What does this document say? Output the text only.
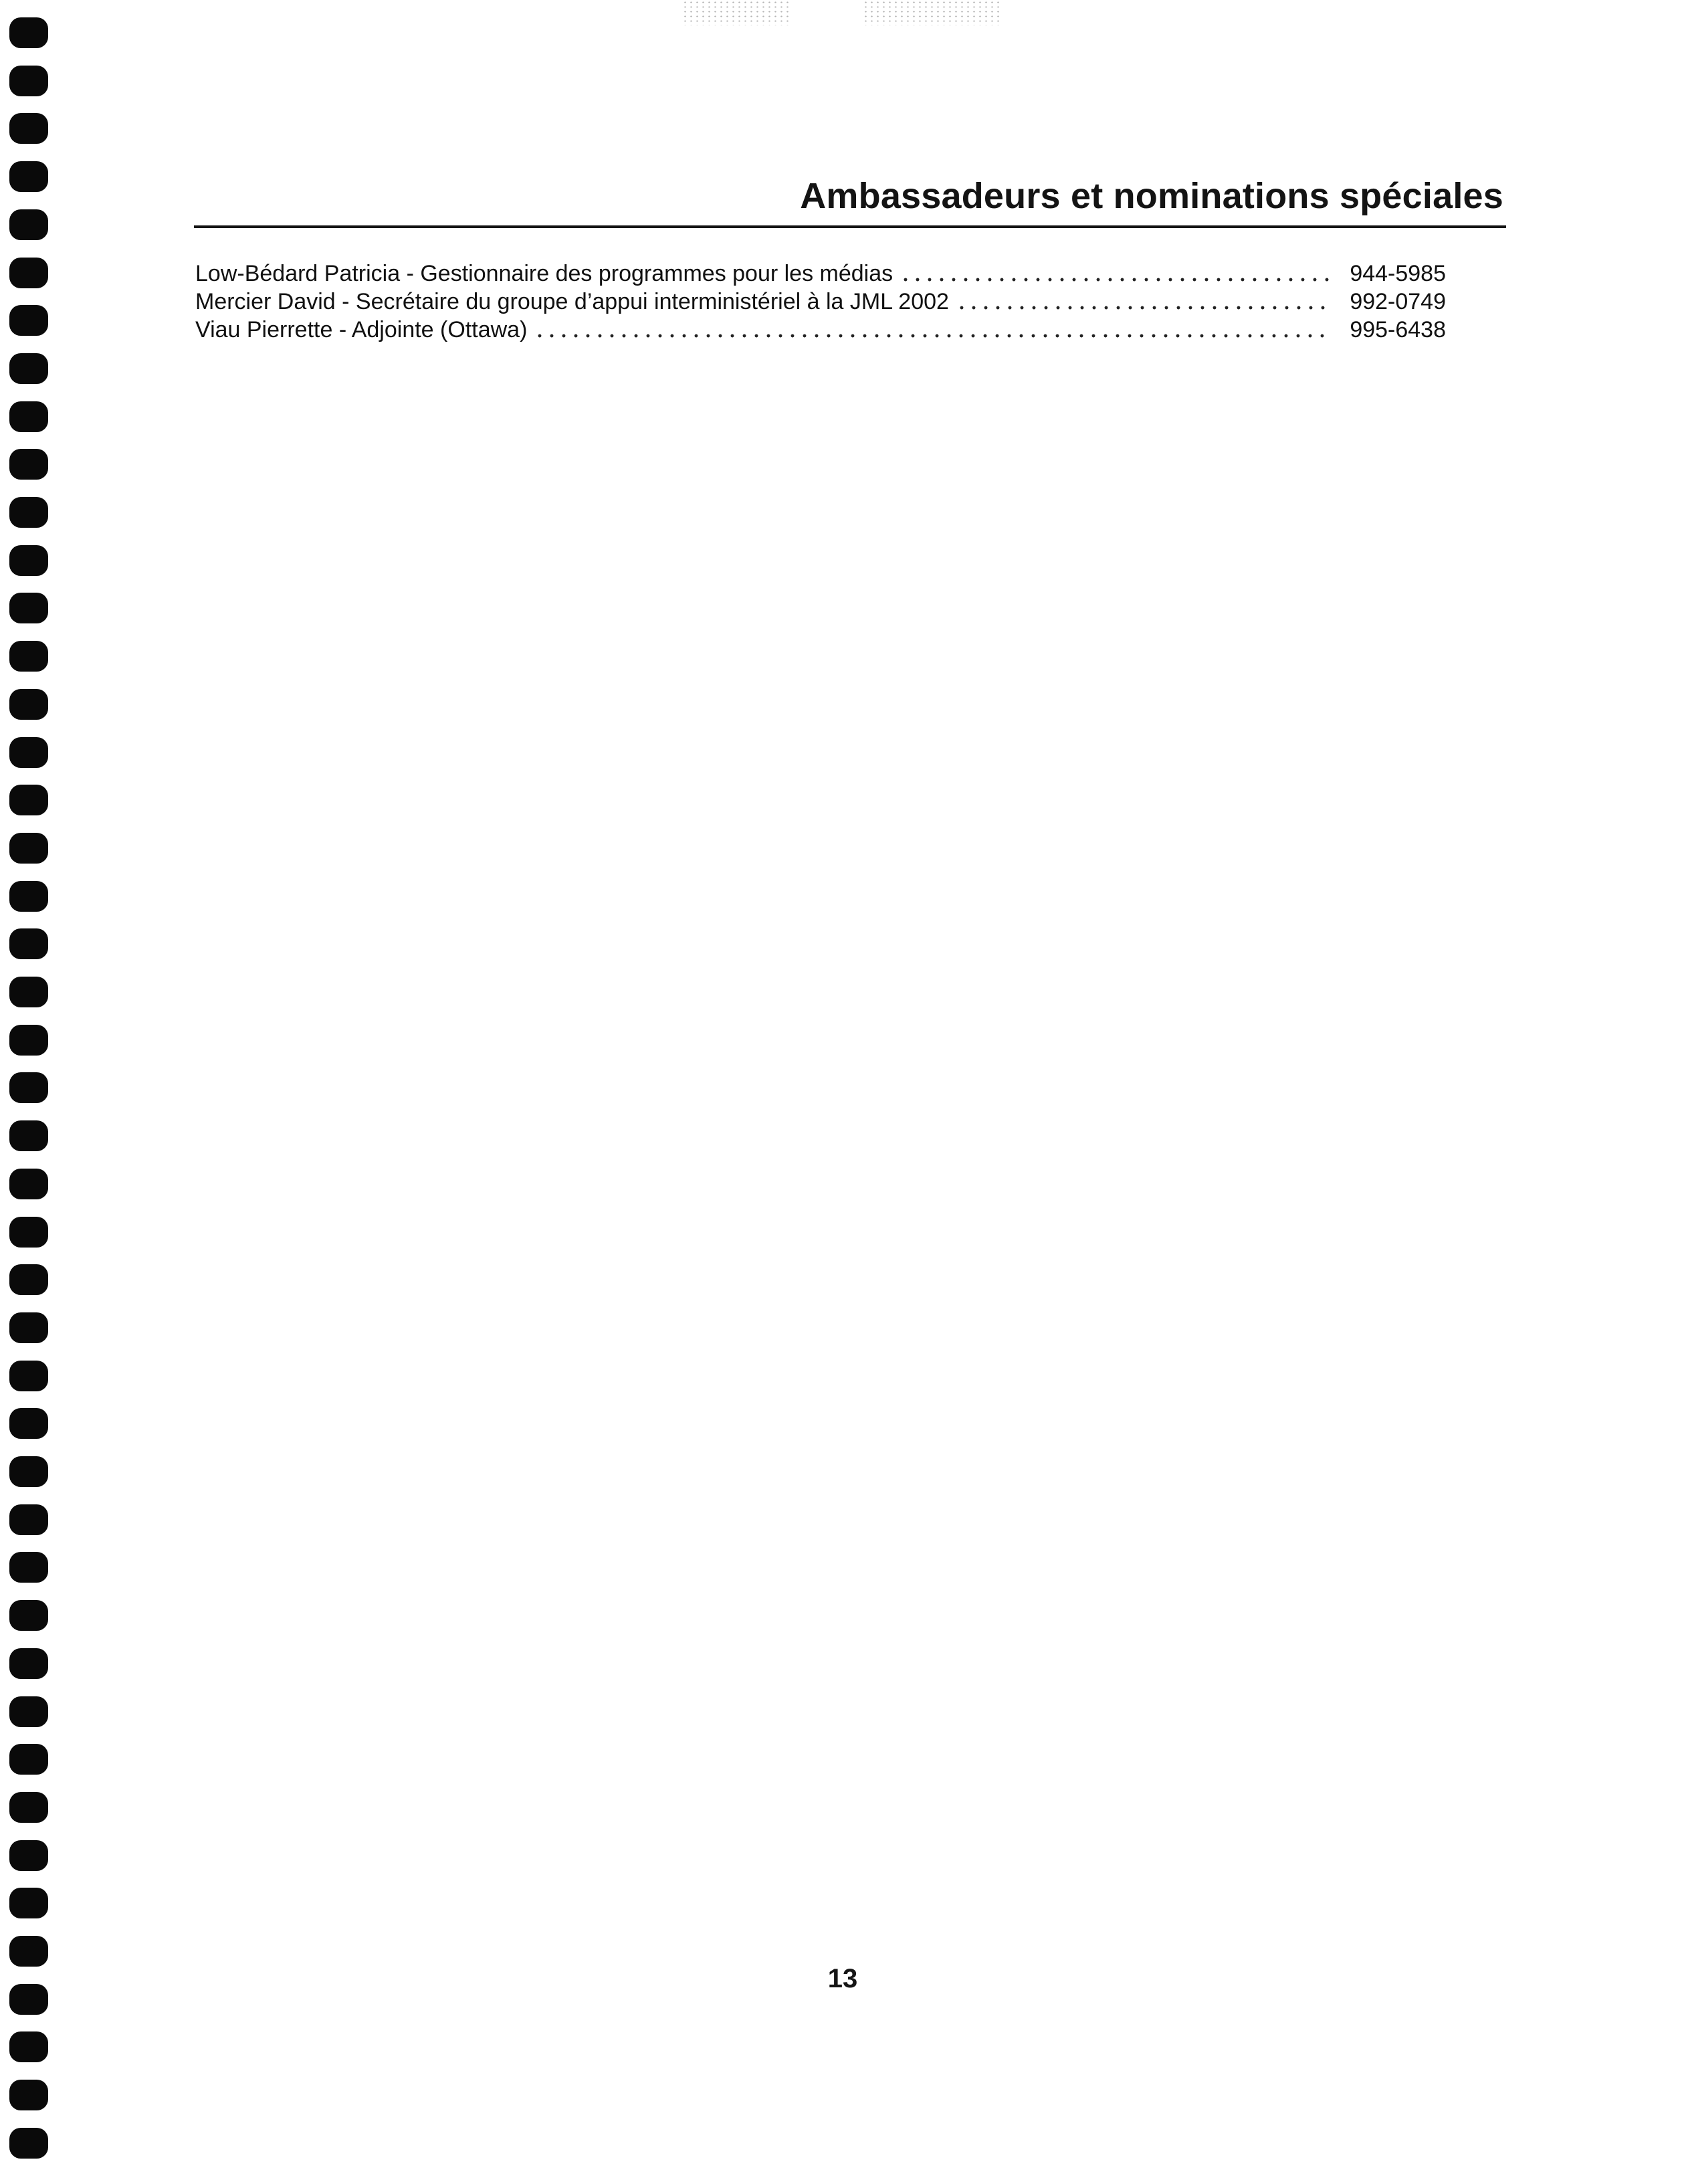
Ambassadeurs et nominations spéciales
Low-Bédard Patricia - Gestionnaire des programmes pour les médias	944-5985
Mercier David - Secrétaire du groupe d’appui interministériel à la JML 2002	992-0749
Viau Pierrette - Adjointe (Ottawa)	995-6438

13
